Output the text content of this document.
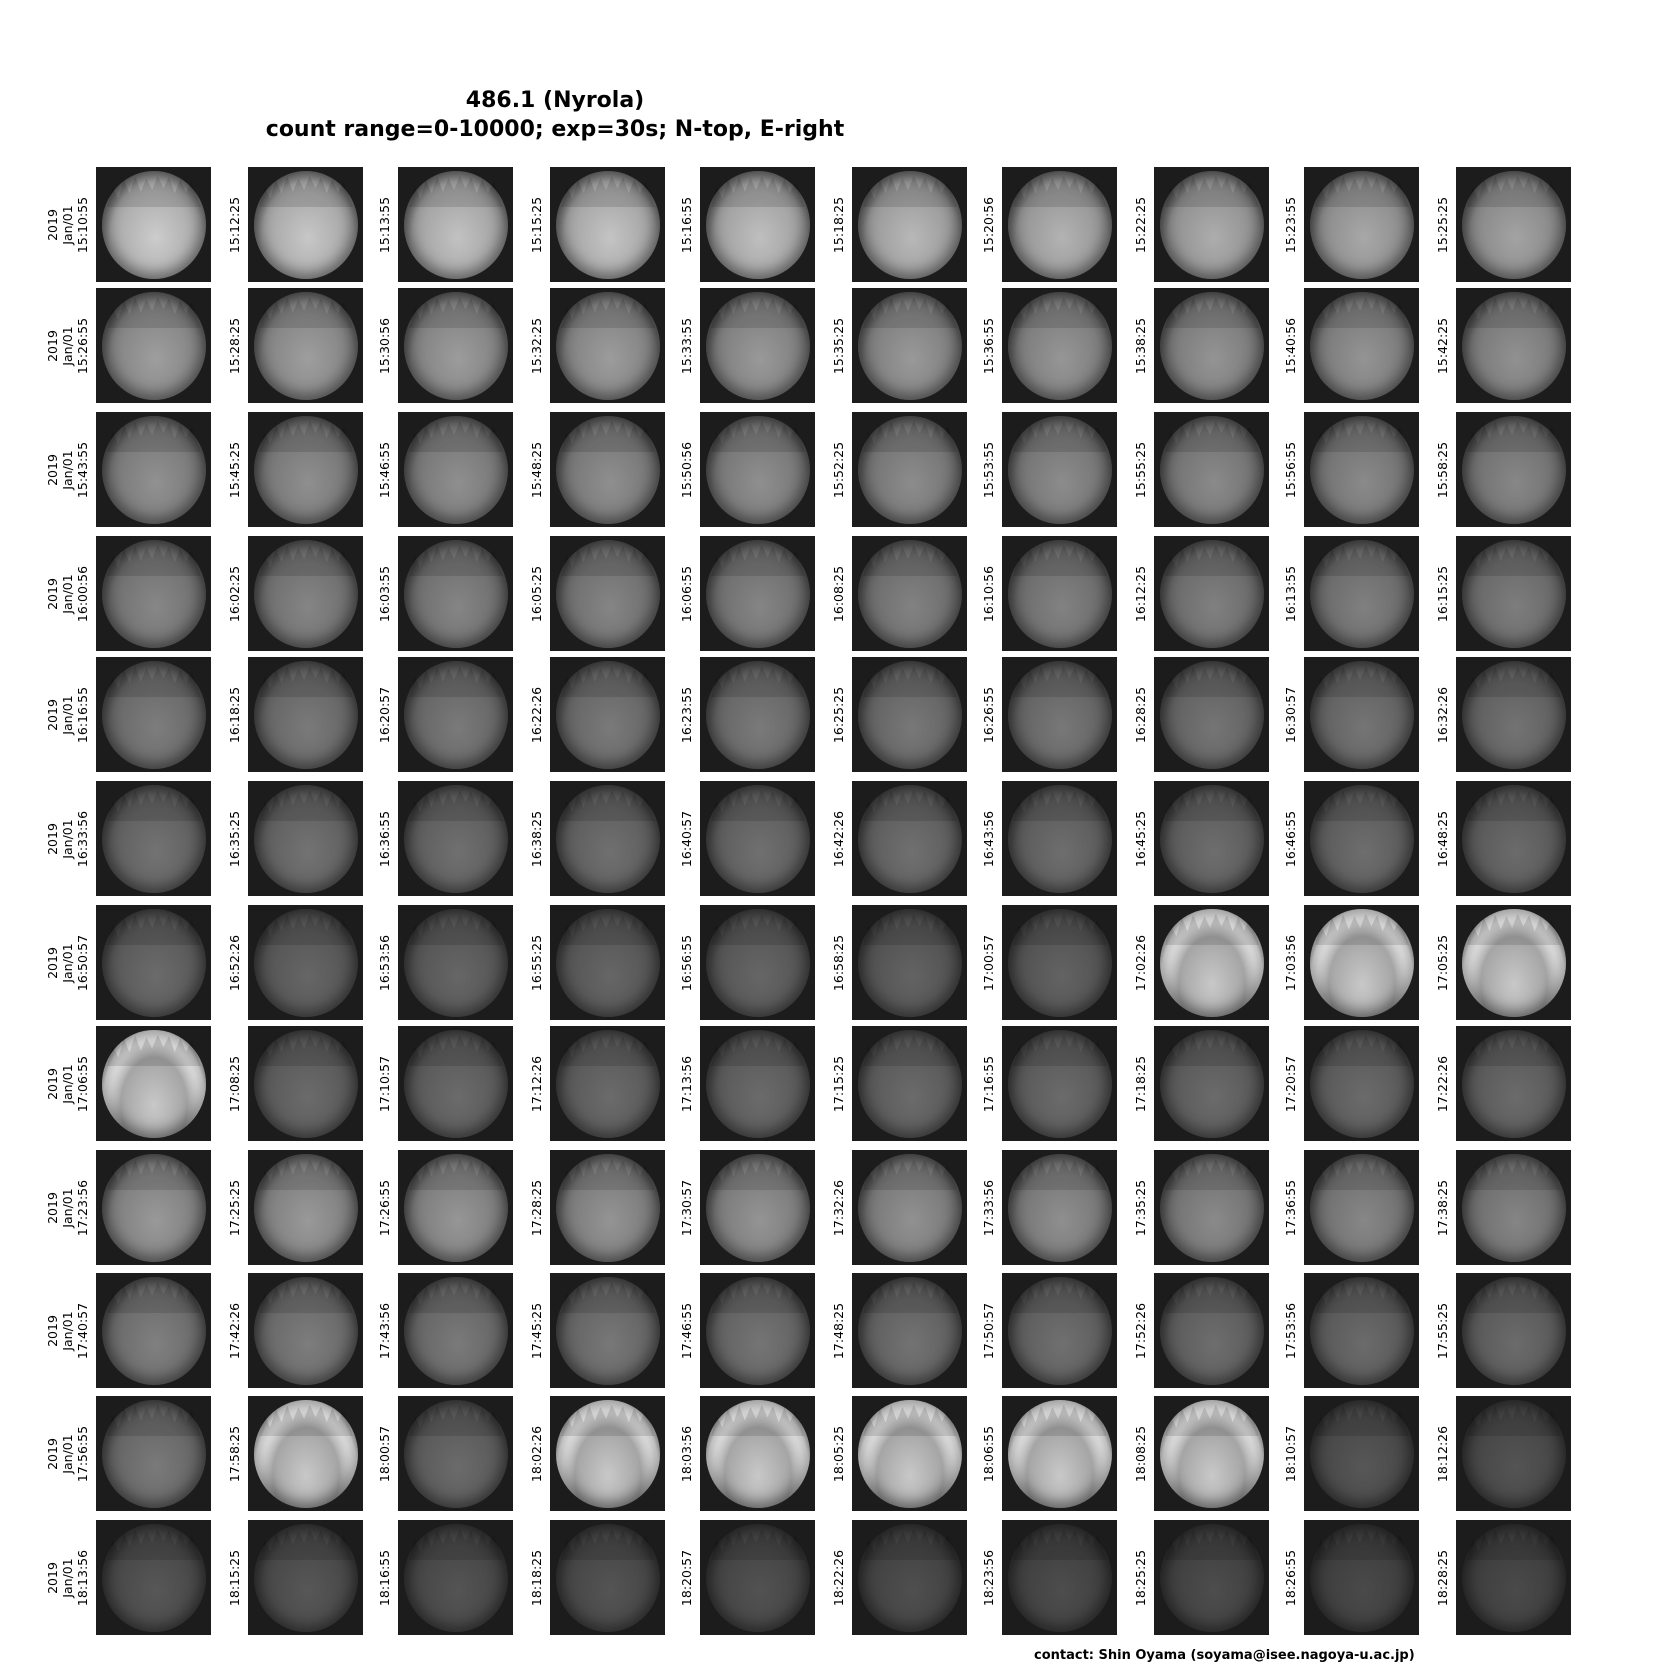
486.1 (Nyrola)
count range=0-10000; exp=30s; N-top, E-right
2019 Jan/01 15:10:55	15:12:25	15:13:55	15:15:25	15:16:55	15:18:25	15:20:56	15:22:25	15:23:55	15:25:25
2019 Jan/01 15:26:55	15:28:25	15:30:56	15:32:25	15:33:55	15:35:25	15:36:55	15:38:25	15:40:56	15:42:25
2019 Jan/01 15:43:55	15:45:25	15:46:55	15:48:25	15:50:56	15:52:25	15:53:55	15:55:25	15:56:55	15:58:25
2019 Jan/01 16:00:56	16:02:25	16:03:55	16:05:25	16:06:55	16:08:25	16:10:56	16:12:25	16:13:55	16:15:25
2019 Jan/01 16:16:55	16:18:25	16:20:57	16:22:26	16:23:55	16:25:25	16:26:55	16:28:25	16:30:57	16:32:26
2019 Jan/01 16:33:56	16:35:25	16:36:55	16:38:25	16:40:57	16:42:26	16:43:56	16:45:25	16:46:55	16:48:25
2019 Jan/01 16:50:57	16:52:26	16:53:56	16:55:25	16:56:55	16:58:25	17:00:57	17:02:26	17:03:56	17:05:25
2019 Jan/01 17:06:55	17:08:25	17:10:57	17:12:26	17:13:56	17:15:25	17:16:55	17:18:25	17:20:57	17:22:26
2019 Jan/01 17:23:56	17:25:25	17:26:55	17:28:25	17:30:57	17:32:26	17:33:56	17:35:25	17:36:55	17:38:25
2019 Jan/01 17:40:57	17:42:26	17:43:56	17:45:25	17:46:55	17:48:25	17:50:57	17:52:26	17:53:56	17:55:25
2019 Jan/01 17:56:55	17:58:25	18:00:57	18:02:26	18:03:56	18:05:25	18:06:55	18:08:25	18:10:57	18:12:26
2019 Jan/01 18:13:56	18:15:25	18:16:55	18:18:25	18:20:57	18:22:26	18:23:56	18:25:25	18:26:55	18:28:25
contact: Shin Oyama (soyama@isee.nagoya-u.ac.jp)
